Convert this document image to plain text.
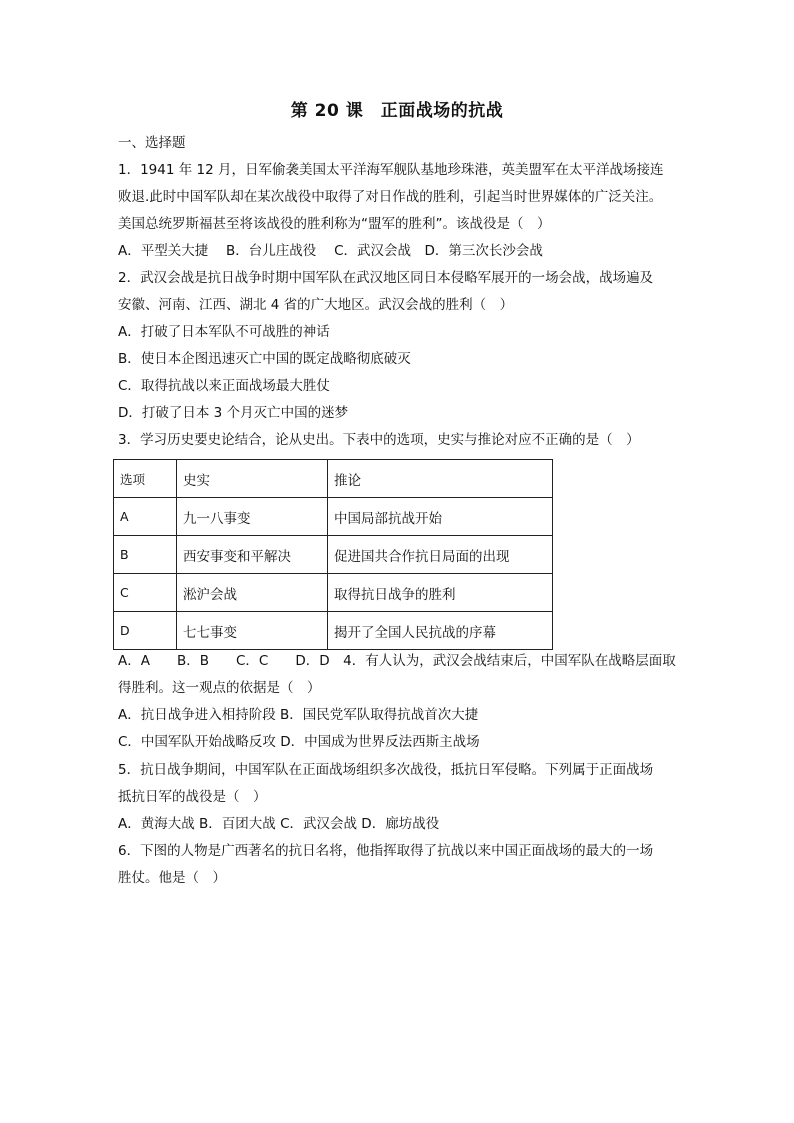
第 20 课　正面战场的抗战
一、选择题
1．1941 年 12 月，日军偷袭美国太平洋海军舰队基地珍珠港，英美盟军在太平洋战场接连
败退.此时中国军队却在某次战役中取得了对日作战的胜利，引起当时世界媒体的广泛关注。
美国总统罗斯福甚至将该战役的胜利称为“盟军的胜利”。该战役是（　）
A．平型关大捷　 B．台儿庄战役　 C．武汉会战　D．第三次长沙会战
2．武汉会战是抗日战争时期中国军队在武汉地区同日本侵略军展开的一场会战，战场遍及
安徽、河南、江西、湖北 4 省的广大地区。武汉会战的胜利（　）
A．打破了日本军队不可战胜的神话
B．使日本企图迅速灭亡中国的既定战略彻底破灭
C．取得抗战以来正面战场最大胜仗
D．打破了日本 3 个月灭亡中国的迷梦
3．学习历史要史论结合，论从史出。下表中的选项，史实与推论对应不正确的是（　）
选项	史实	推论
A	九一八事变	中国局部抗战开始
B	西安事变和平解决	促进国共合作抗日局面的出现
C	淞沪会战	取得抗日战争的胜利
D	七七事变	揭开了全国人民抗战的序幕
A．A　　B．B　　C．C　　D．D　4．有人认为，武汉会战结束后，中国军队在战略层面取
得胜利。这一观点的依据是（　）
A．抗日战争进入相持阶段 B．国民党军队取得抗战首次大捷
C．中国军队开始战略反攻 D．中国成为世界反法西斯主战场
5．抗日战争期间，中国军队在正面战场组织多次战役，抵抗日军侵略。下列属于正面战场
抵抗日军的战役是（　）
A．黄海大战 B．百团大战 C．武汉会战 D．廊坊战役
6．下图的人物是广西著名的抗日名将，他指挥取得了抗战以来中国正面战场的最大的一场
胜仗。他是（　）
